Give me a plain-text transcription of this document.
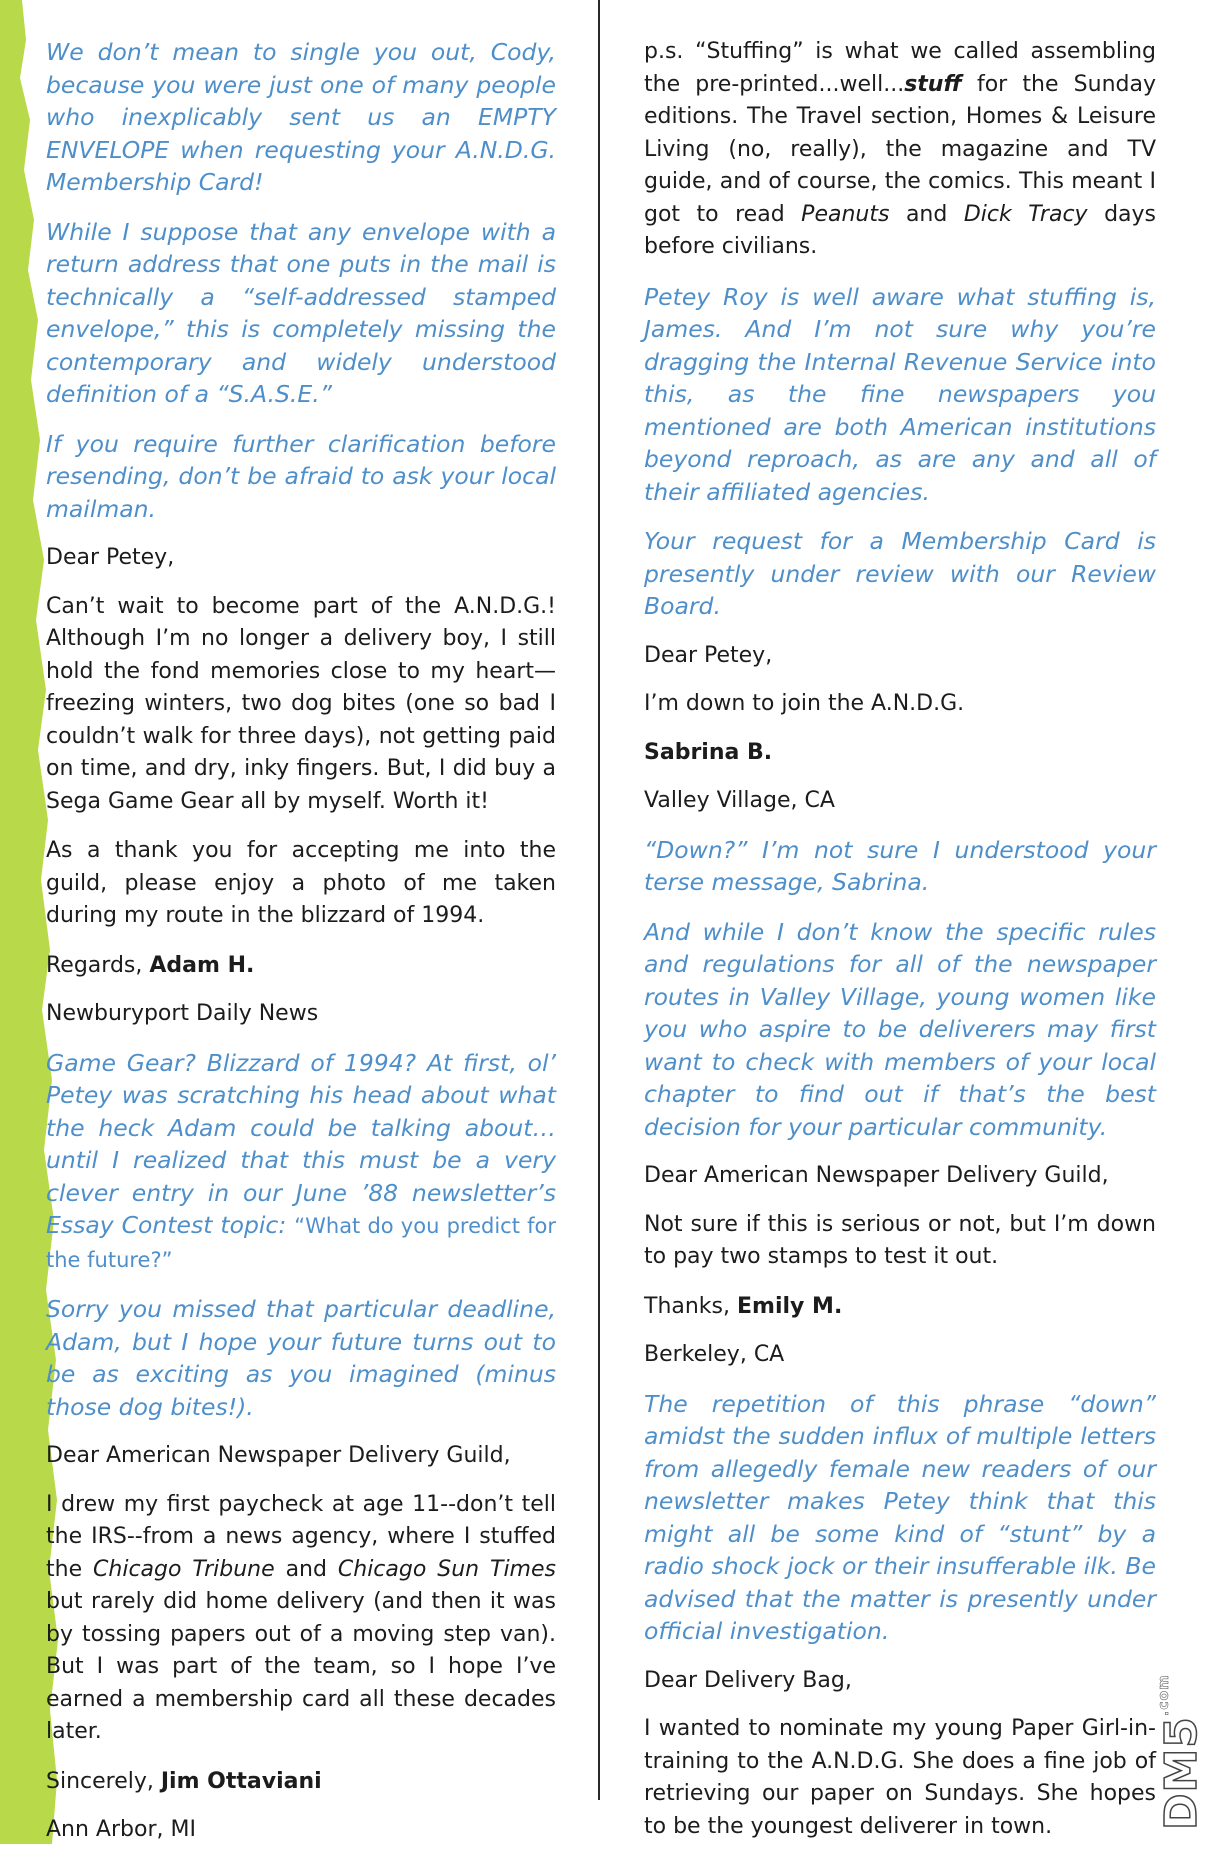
We don’t mean to single you out, Cody, because you were just one of many people who inexplicably sent us an EMPTY ENVELOPE when requesting your A.N.D.G. Membership Card!

While I suppose that any envelope with a return address that one puts in the mail is technically a “self-addressed stamped envelope,” this is completely missing the contemporary and widely understood definition of a “S.A.S.E.”

If you require further clarification before resending, don’t be afraid to ask your local mailman.

Dear Petey,

Can’t wait to become part of the A.N.D.G.! Although I’m no longer a delivery boy, I still hold the fond memories close to my heart—freezing winters, two dog bites (one so bad I couldn’t walk for three days), not getting paid on time, and dry, inky fingers. But, I did buy a Sega Game Gear all by myself. Worth it!

As a thank you for accepting me into the guild, please enjoy a photo of me taken during my route in the blizzard of 1994.

Regards, Adam H.

Newburyport Daily News

Game Gear? Blizzard of 1994? At first, ol’ Petey was scratching his head about what the heck Adam could be talking about… until I realized that this must be a very clever entry in our June ’88 newsletter’s Essay Contest topic: “What do you predict for the future?”

Sorry you missed that particular deadline, Adam, but I hope your future turns out to be as exciting as you imagined (minus those dog bites!).

Dear American Newspaper Delivery Guild,

I drew my first paycheck at age 11--don’t tell the IRS--from a news agency, where I stuffed the Chicago Tribune and Chicago Sun Times but rarely did home delivery (and then it was by tossing papers out of a moving step van). But I was part of the team, so I hope I’ve earned a membership card all these decades later.

Sincerely, Jim Ottaviani

Ann Arbor, MI

p.s. “Stuffing” is what we called assembling the pre-printed...well...stuff for the Sunday editions. The Travel section, Homes & Leisure Living (no, really), the magazine and TV guide, and of course, the comics. This meant I got to read Peanuts and Dick Tracy days before civilians.

Petey Roy is well aware what stuffing is, James. And I’m not sure why you’re dragging the Internal Revenue Service into this, as the fine newspapers you mentioned are both American institutions beyond reproach, as are any and all of their affiliated agencies.

Your request for a Membership Card is presently under review with our Review Board.

Dear Petey,

I’m down to join the A.N.D.G.

Sabrina B.

Valley Village, CA

“Down?” I’m not sure I understood your terse message, Sabrina.

And while I don’t know the specific rules and regulations for all of the newspaper routes in Valley Village, young women like you who aspire to be deliverers may first want to check with members of your local chapter to find out if that’s the best decision for your particular community.

Dear American Newspaper Delivery Guild,

Not sure if this is serious or not, but I’m down to pay two stamps to test it out.

Thanks, Emily M.

Berkeley, CA

The repetition of this phrase “down” amidst the sudden influx of multiple letters from allegedly female new readers of our newsletter makes Petey think that this might all be some kind of “stunt” by a radio shock jock or their insufferable ilk. Be advised that the matter is presently under official investigation.

Dear Delivery Bag,

I wanted to nominate my young Paper Girl-in-training to the A.N.D.G. She does a fine job of retrieving our paper on Sundays. She hopes to be the youngest deliverer in town.	$DM5^{.com}$
